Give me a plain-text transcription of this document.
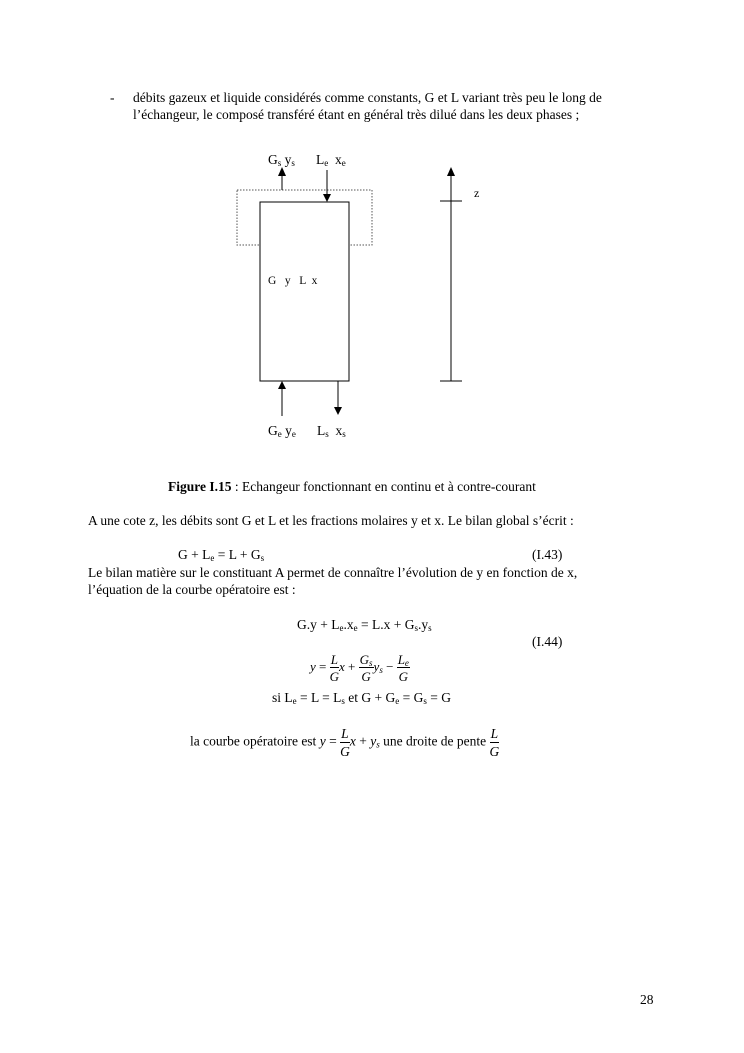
- débits gazeux et liquide considérés comme constants, G et L variant très peu le long de
l’échangeur, le composé transféré étant en général très dilué dans les deux phases ;
$G_s$ $y_s$ $L_e$ $x_e$
G   y   L  x
z
$G_e$ $y_e$ $L_s$ $x_s$
Figure I.15 : Echangeur fonctionnant en continu et à contre-courant
A une cote z, les débits sont G et L et les fractions molaires y et x. Le bilan global s’écrit :
$G + L_e = L + G_s$	(I.43)
Le bilan matière sur le constituant A permet de connaître l’évolution de y en fonction de x,
l’équation de la courbe opératoire est :
$G.y + L_e.x_e = L.x + G_s.y_s$
(I.44)
$y = \frac{L}{G}$ $x + \frac{G_s}{G} y_s - \frac{L_e}{G}$
si $L_e = L = L_s$ et $G + G_e = G_s = G$
la courbe opératoire est $y = \frac{L}{G}$ $x + y_s$ une droite de pente $\frac{L}{G}$
28
